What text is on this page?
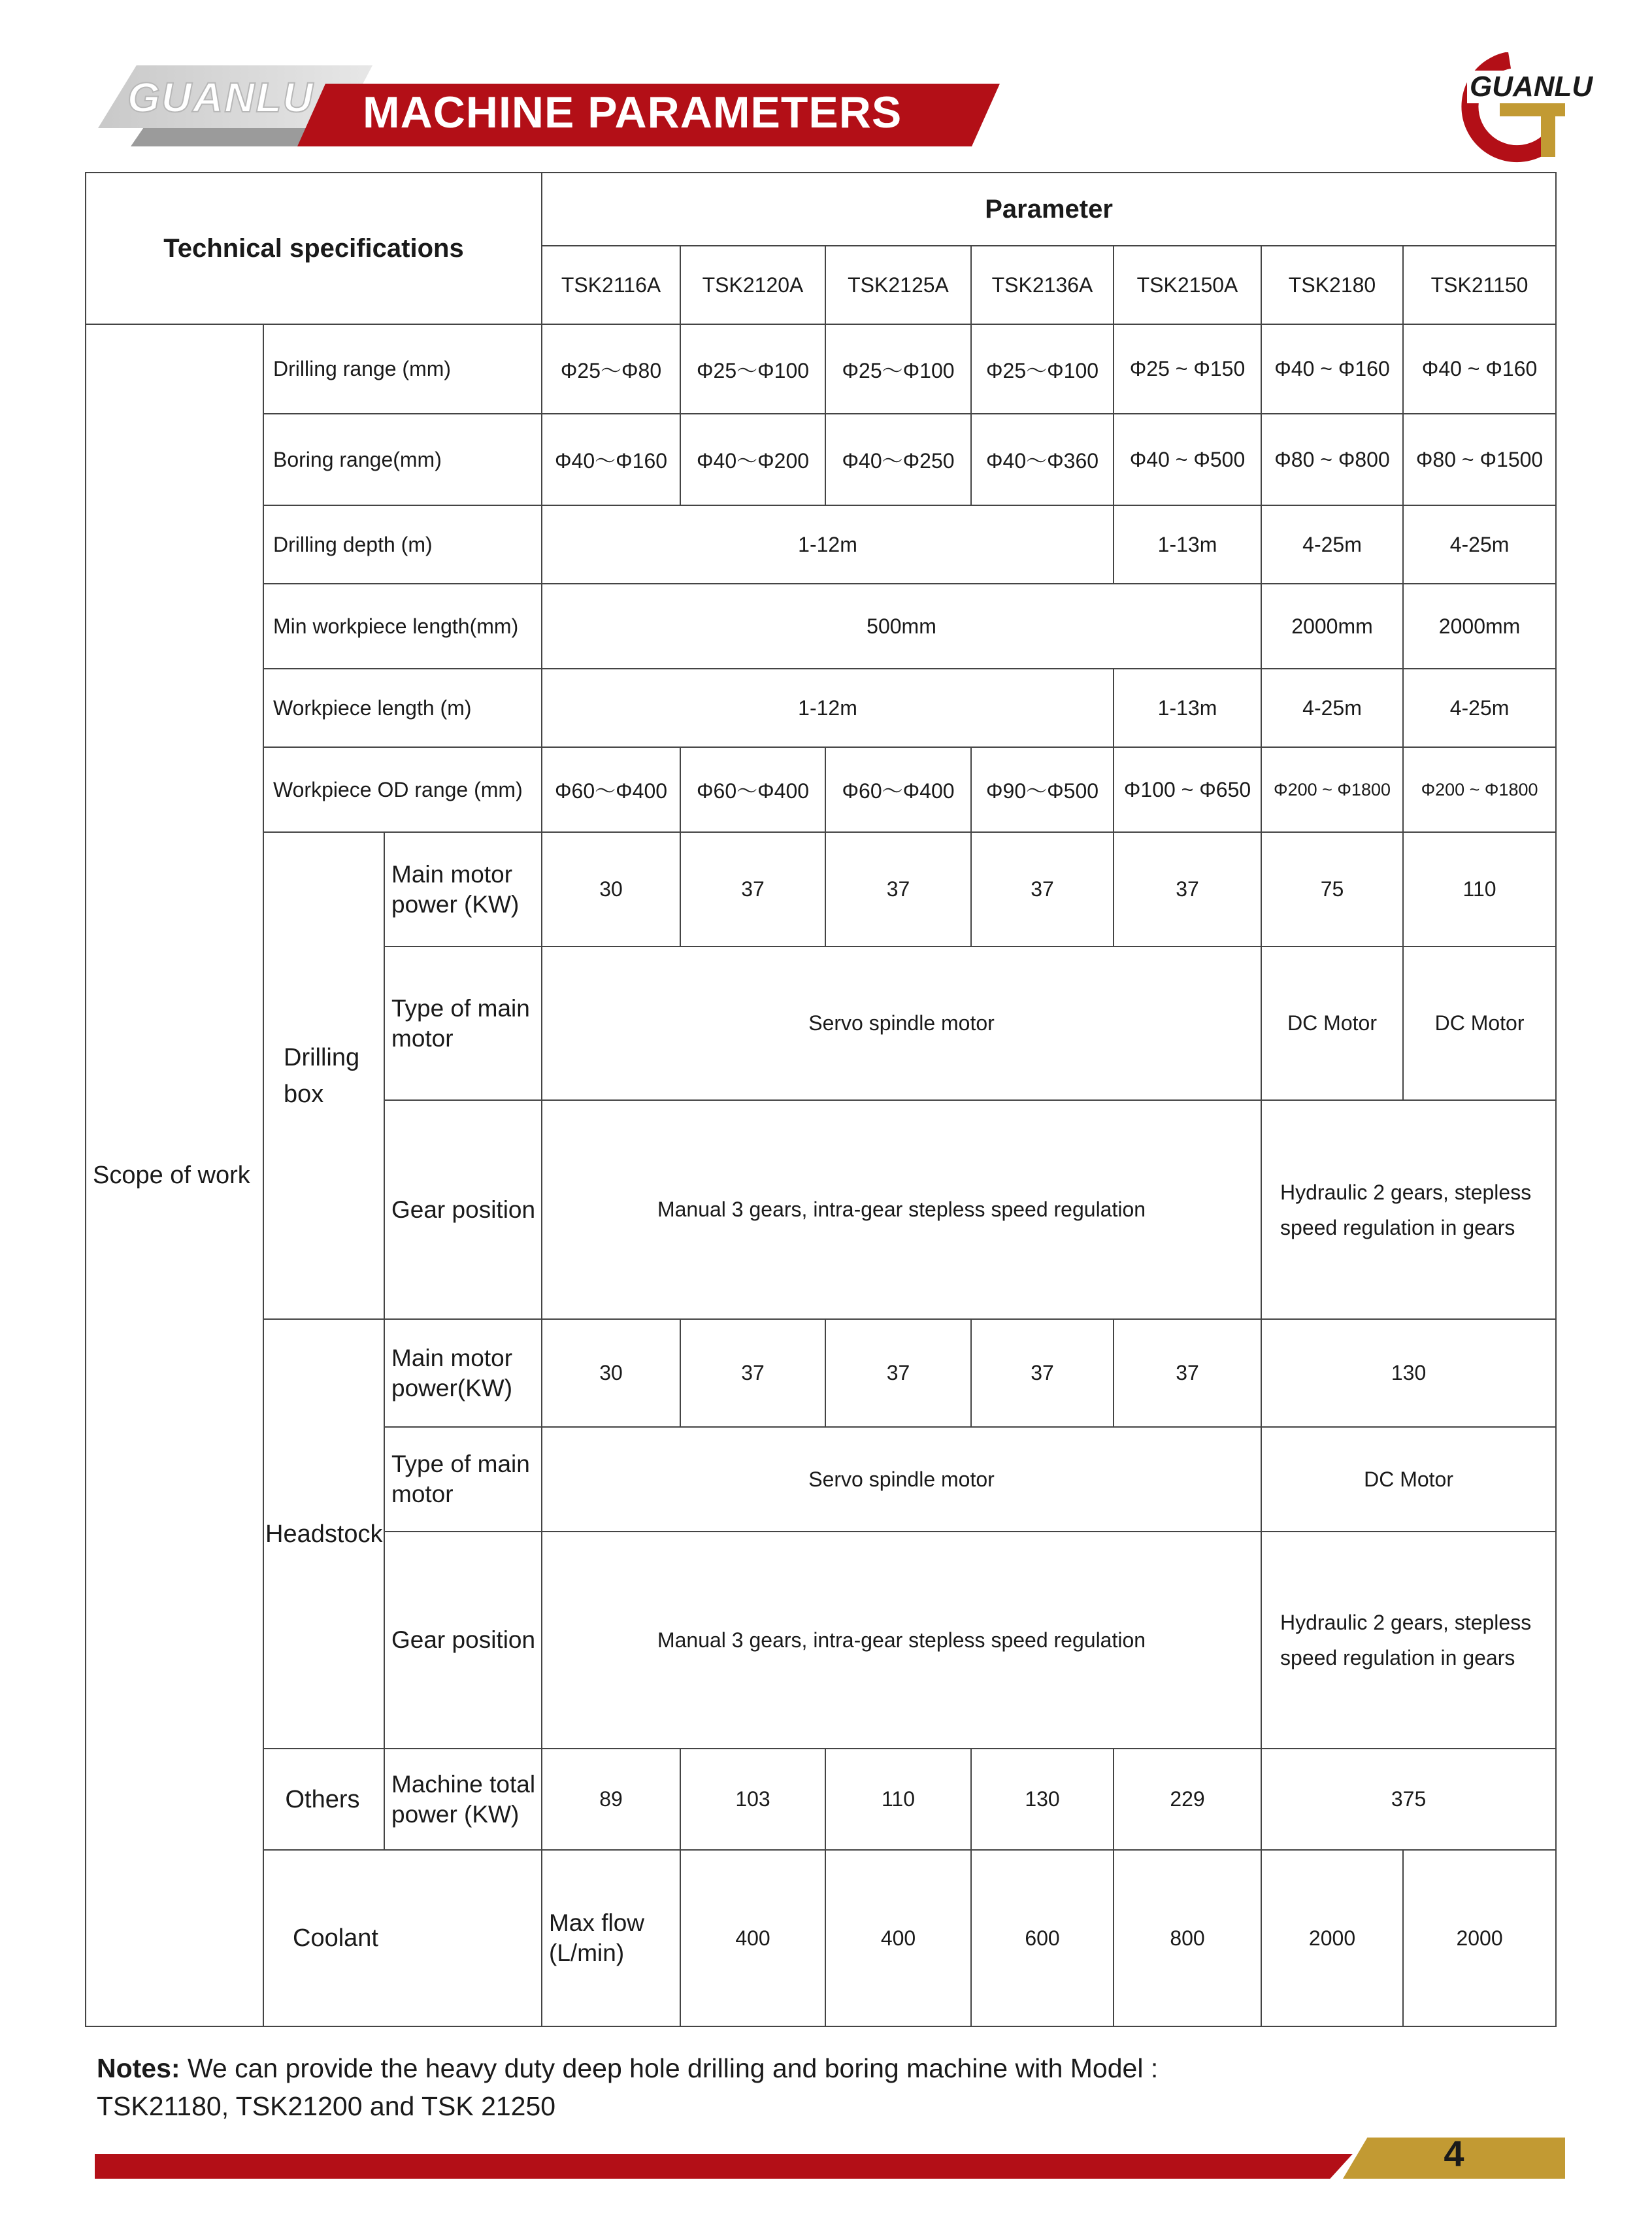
GUANLU MACHINE PARAMETERS
GUANLU
Technical specifications			Parameter						
			TSK2116A	TSK2120A	TSK2125A	TSK2136A	TSK2150A	TSK2180	TSK21150
Scope of work	Drilling range (mm)		Φ25～Φ80	Φ25～Φ100	Φ25～Φ100	Φ25～Φ100	Φ25 ~ Φ150	Φ40 ~ Φ160	Φ40 ~ Φ160
	Boring range(mm)		Φ40～Φ160	Φ40～Φ200	Φ40～Φ250	Φ40～Φ360	Φ40 ~ Φ500	Φ80 ~ Φ800	Φ80 ~ Φ1500
	Drilling depth (m)		1-12m				1-13m	4-25m	4-25m
	Min workpiece length(mm)		500mm					2000mm	2000mm
	Workpiece length (m)		1-12m				1-13m	4-25m	4-25m
	Workpiece OD range (mm)		Φ60～Φ400	Φ60～Φ400	Φ60～Φ400	Φ90～Φ500	Φ100 ~ Φ650	Φ200 ~ Φ1800	Φ200 ~ Φ1800
	Drilling
box	Main motor
power (KW)	30	37	37	37	37	75	110
		Type of main
motor	Servo spindle motor					DC Motor	DC Motor
		Gear position	Manual 3 gears, intra-gear stepless speed regulation					Hydraulic 2 gears, stepless
speed regulation in gears	
	Headstock	Main motor
power(KW)	30	37	37	37	37	130	
		Type of main
motor	Servo spindle motor					DC Motor	
		Gear position	Manual 3 gears, intra-gear stepless speed regulation					Hydraulic 2 gears, stepless
speed regulation in gears	
	Others	Machine total
power (KW)	89	103	110	130	229	375	
	Coolant		Max flow
(L/min)	400	400	600	800	2000	2000
Notes: We can provide the heavy duty deep hole drilling and boring machine with Model :
TSK21180, TSK21200 and TSK 21250
4
